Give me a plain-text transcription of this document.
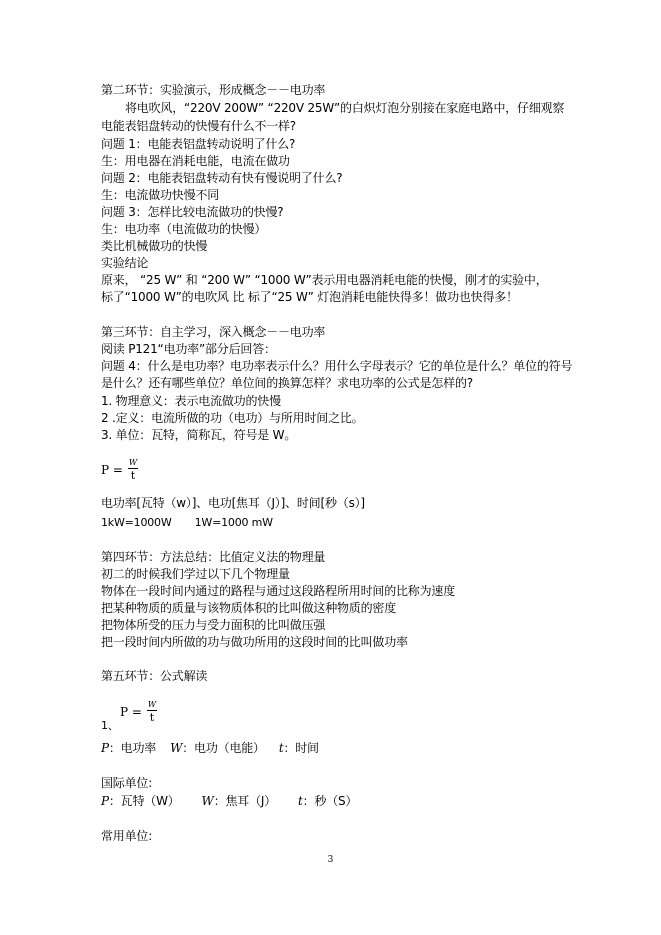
第二环节：实验演示，形成概念－－电功率
将电吹风，“220V 200W” “220V 25W”的白炽灯泡分别接在家庭电路中，仔细观察
电能表铝盘转动的快慢有什么不一样?
问题 1：电能表铝盘转动说明了什么?
生：用电器在消耗电能，电流在做功
问题 2：电能表铝盘转动有快有慢说明了什么?
生：电流做功快慢不同
问题 3：怎样比较电流做功的快慢?
生：电功率（电流做功的快慢）
类比机械做功的快慢
实验结论
原来， “25 W” 和 “200 W” “1000 W”表示用电器消耗电能的快慢，刚才的实验中，
标了“1000 W”的电吹风 比 标了“25 W” 灯泡消耗电能快得多！做功也快得多！
第三环节：自主学习，深入概念－－电功率
阅读 P121“电功率”部分后回答：
问题 4：什么是电功率？电功率表示什么？用什么字母表示？它的单位是什么？单位的符号
是什么？还有哪些单位？单位间的换算怎样？求电功率的公式是怎样的?
1. 物理意义：表示电流做功的快慢
2 .定义：电流所做的功（电功）与所用时间之比。
3. 单位：瓦特，简称瓦，符号是 W。
$P = \frac{W}{t}$
电功率[瓦特（w）]、电功[焦耳（J）]、时间[秒（s）]
1kW=1000W       1W=1000 mW
第四环节：方法总结：比值定义法的物理量
初二的时候我们学过以下几个物理量
物体在一段时间内通过的路程与通过这段路程所用时间的比称为速度
把某种物质的质量与该物质体积的比叫做这种物质的密度
把物体所受的压力与受力面积的比叫做压强
把一段时间内所做的功与做功所用的这段时间的比叫做功率
第五环节：公式解读
$P = \frac{W}{t}$
1、
P：电功率 W：电功（电能） t：时间
国际单位:
P：瓦特（W） W：焦耳（J） t：秒（S）
常用单位:
3
